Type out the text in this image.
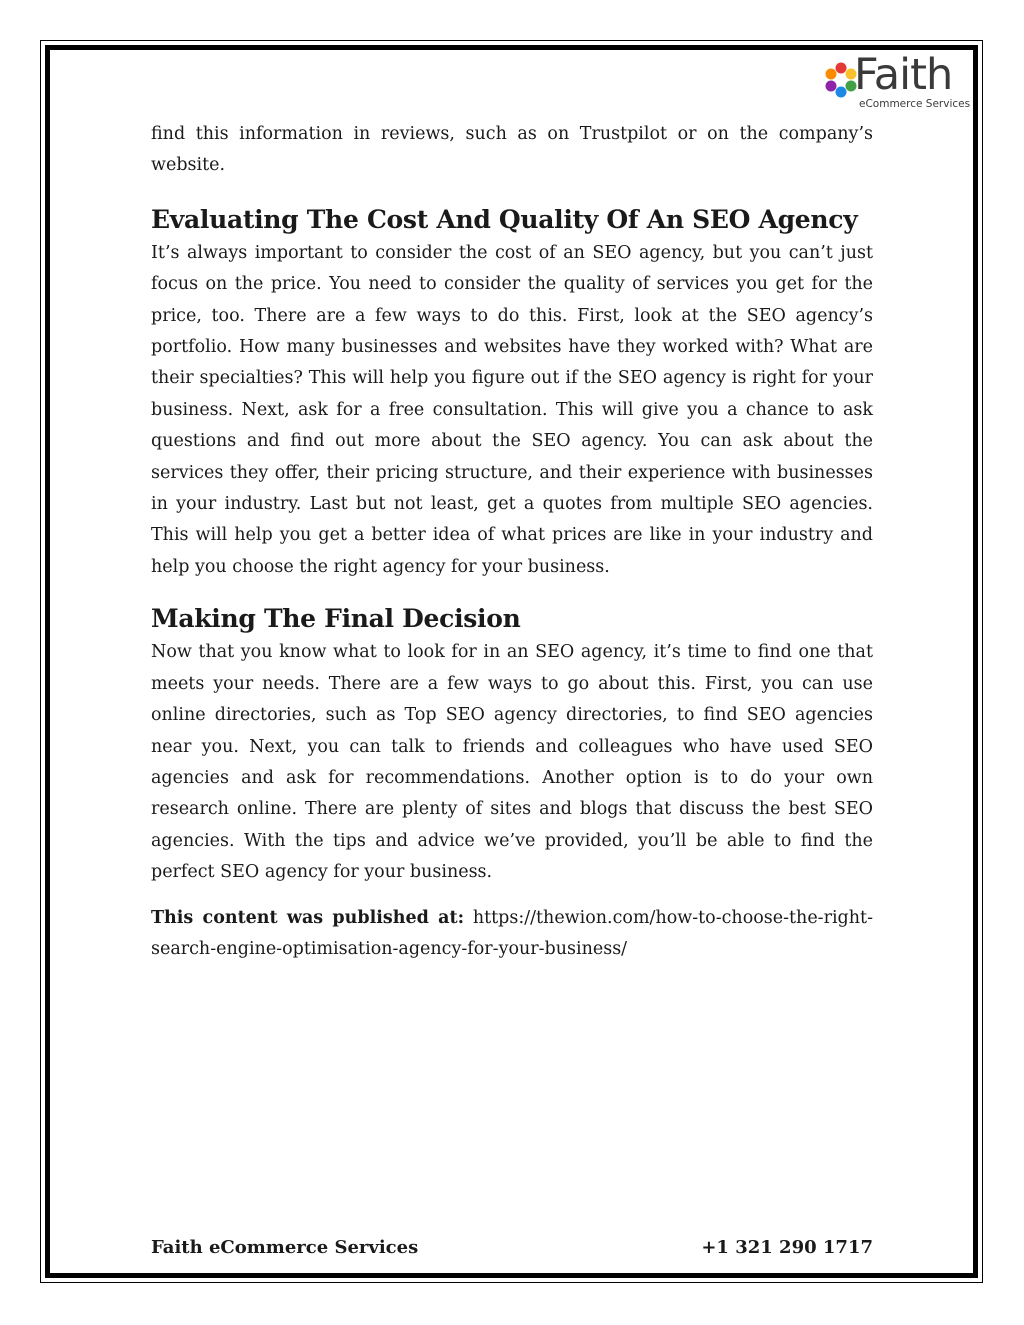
Faith
eCommerce Services

find this information in reviews, such as on Trustpilot or on the company’s website.

Evaluating The Cost And Quality Of An SEO Agency

It’s always important to consider the cost of an SEO agency, but you can’t just focus on the price. You need to consider the quality of services you get for the price, too. There are a few ways to do this. First, look at the SEO agency’s portfolio. How many businesses and websites have they worked with? What are their specialties? This will help you figure out if the SEO agency is right for your business. Next, ask for a free consultation. This will give you a chance to ask questions and find out more about the SEO agency. You can ask about the services they offer, their pricing structure, and their experience with businesses in your industry. Last but not least, get a quotes from multiple SEO agencies. This will help you get a better idea of what prices are like in your industry and help you choose the right agency for your business.

Making The Final Decision

Now that you know what to look for in an SEO agency, it’s time to find one that meets your needs. There are a few ways to go about this. First, you can use online directories, such as Top SEO agency directories, to find SEO agencies near you. Next, you can talk to friends and colleagues who have used SEO agencies and ask for recommendations. Another option is to do your own research online. There are plenty of sites and blogs that discuss the best SEO agencies. With the tips and advice we’ve provided, you’ll be able to find the perfect SEO agency for your business.

This content was published at: https://thewion.com/how-to-choose-the-right-search-engine-optimisation-agency-for-your-business/

Faith eCommerce Services	+1 321 290 1717
